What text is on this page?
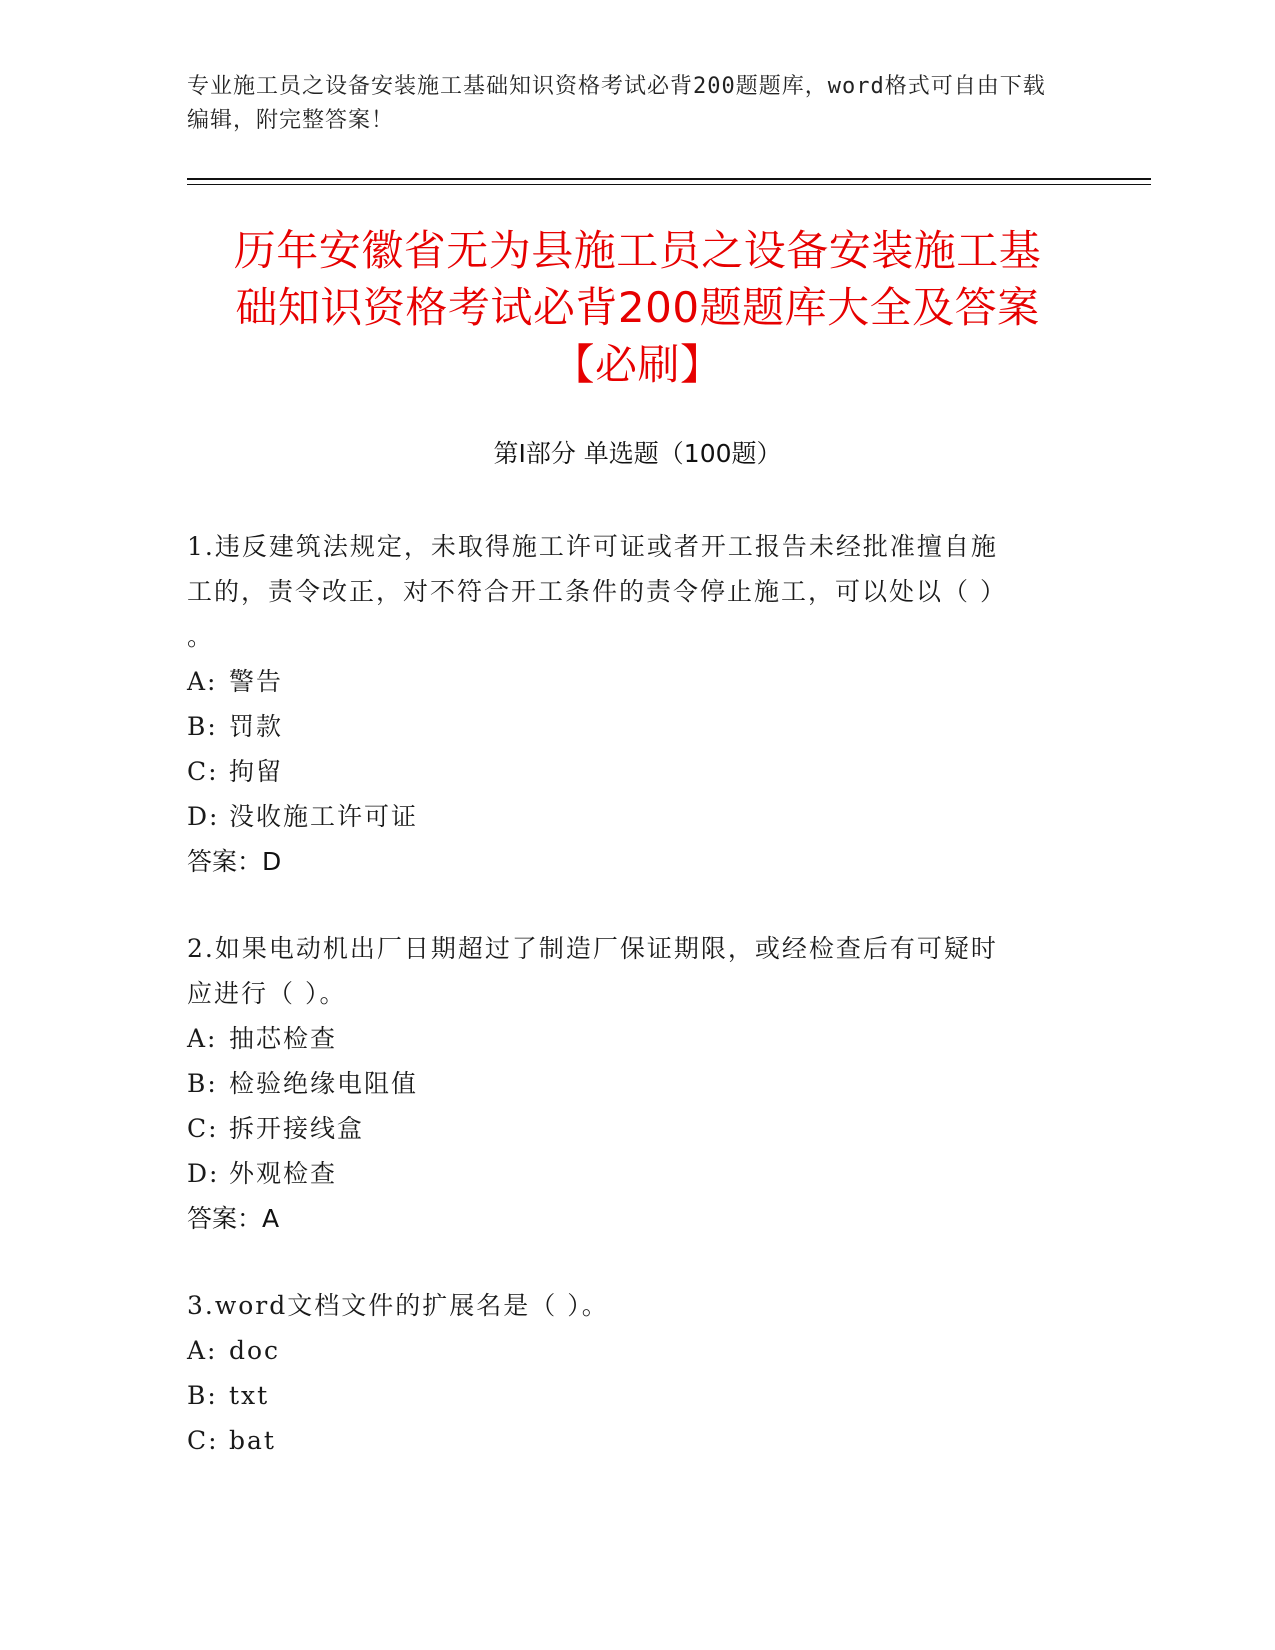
专业施工员之设备安装施工基础知识资格考试必背200题题库，word格式可自由下载编辑，附完整答案！
历年安徽省无为县施工员之设备安装施工基
础知识资格考试必背200题题库大全及答案
【必刷】
第Ⅰ部分 单选题（100题）
1.违反建筑法规定，未取得施工许可证或者开工报告未经批准擅自施
工的，责令改正，对不符合开工条件的责令停止施工，可以处以（ ）
。
A: 警告
B: 罚款
C: 拘留
D: 没收施工许可证
答案：D
2.如果电动机出厂日期超过了制造厂保证期限，或经检查后有可疑时
应进行（ ）。
A: 抽芯检查
B: 检验绝缘电阻值
C: 拆开接线盒
D: 外观检查
答案：A
3.word文档文件的扩展名是（ ）。
A: doc
B: txt
C: bat
